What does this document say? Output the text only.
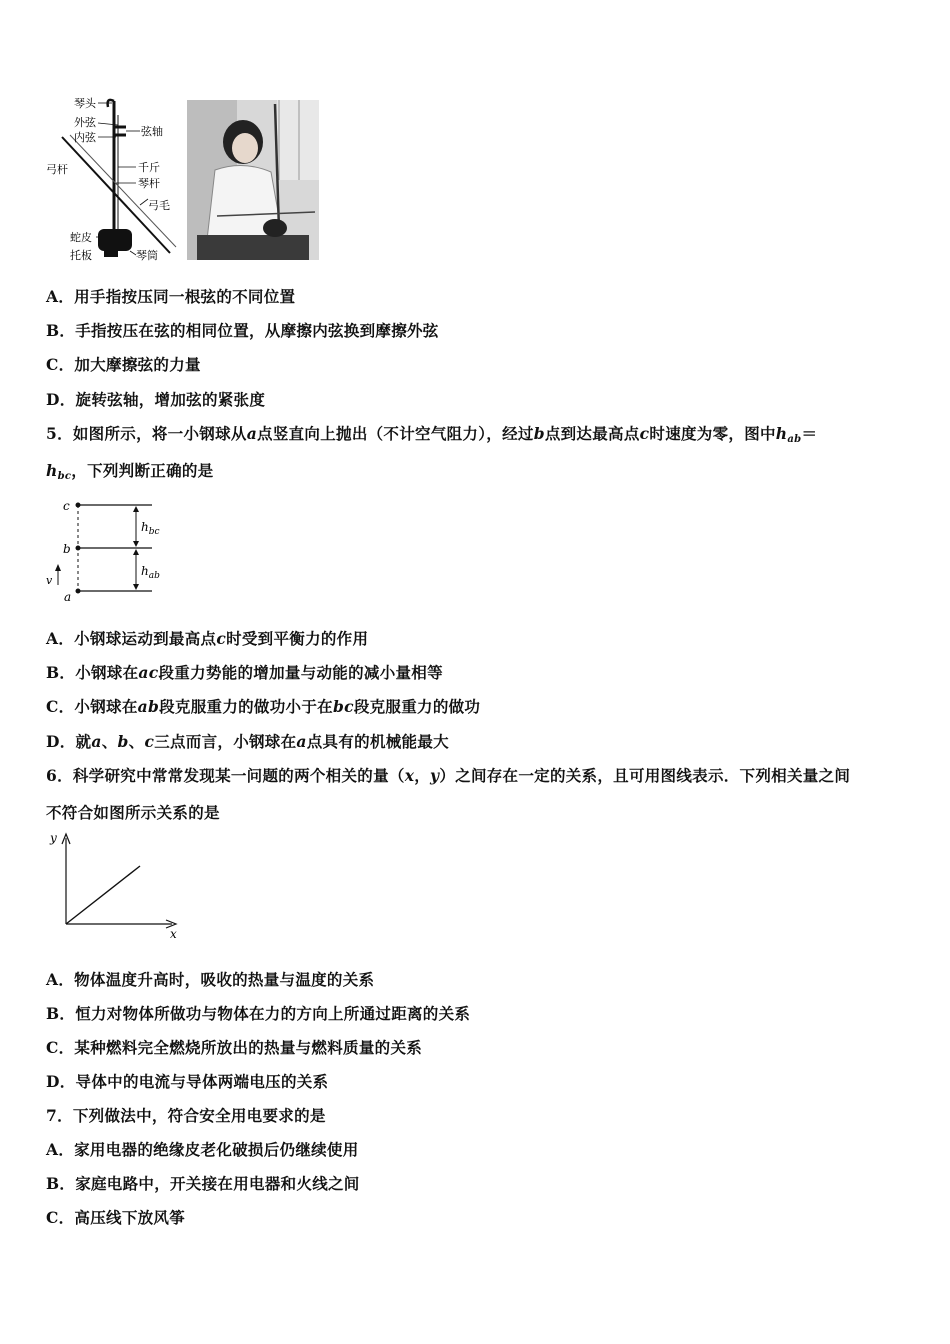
琴头
外弦
内弦	弦轴
弓杆	千斤
琴杆
弓毛
蛇皮
托板	琴筒
A．用手指按压同一根弦的不同位置
B．手指按压在弦的相同位置，从摩擦内弦换到摩擦外弦
C．加大摩擦弦的力量
D．旋转弦轴，增加弦的紧张度
5．如图所示，将一小钢球从a点竖直向上抛出（不计空气阻力），经过b点到达最高点c时速度为零，图中$h_{ab}=$
$h_{bc}$，下列判断正确的是
c
b
a
v
$h_{bc}$
$h_{ab}$
A．小钢球运动到最高点c时受到平衡力的作用
B．小钢球在ac段重力势能的增加量与动能的减小量相等
C．小钢球在ab段克服重力的做功小于在bc段克服重力的做功
D．就a、b、c三点而言，小钢球在a点具有的机械能最大
6．科学研究中常常发现某一问题的两个相关的量（x，y）之间存在一定的关系，且可用图线表示．下列相关量之间
不符合如图所示关系的是
y
x
A．物体温度升高时，吸收的热量与温度的关系
B．恒力对物体所做功与物体在力的方向上所通过距离的关系
C．某种燃料完全燃烧所放出的热量与燃料质量的关系
D．导体中的电流与导体两端电压的关系
7．下列做法中，符合安全用电要求的是
A．家用电器的绝缘皮老化破损后仍继续使用
B．家庭电路中，开关接在用电器和火线之间
C．高压线下放风筝
